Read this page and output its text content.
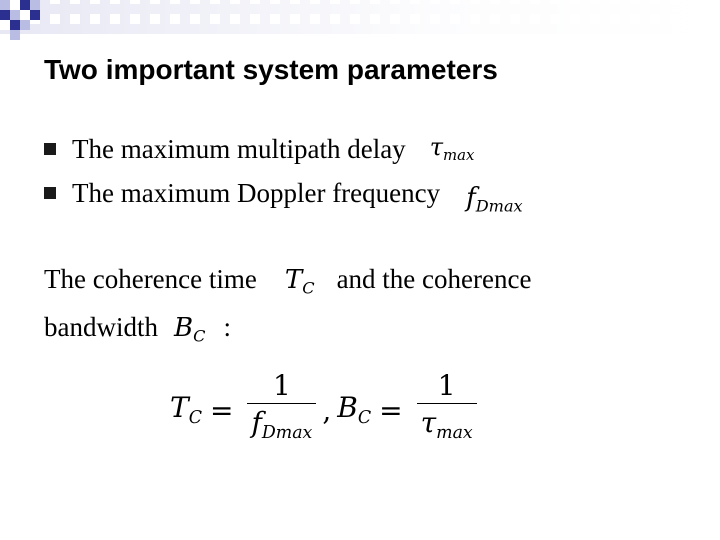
Two important system parameters
The maximum multipath delay $\tau_{max}$
The maximum Doppler frequency $f_{Dmax}$
The coherence time $T_C$ and the coherence
bandwidth $B_C$ :
$T_C = \frac{1}{f_{Dmax}}$ , $B_C = \frac{1}{\tau_{max}}$
